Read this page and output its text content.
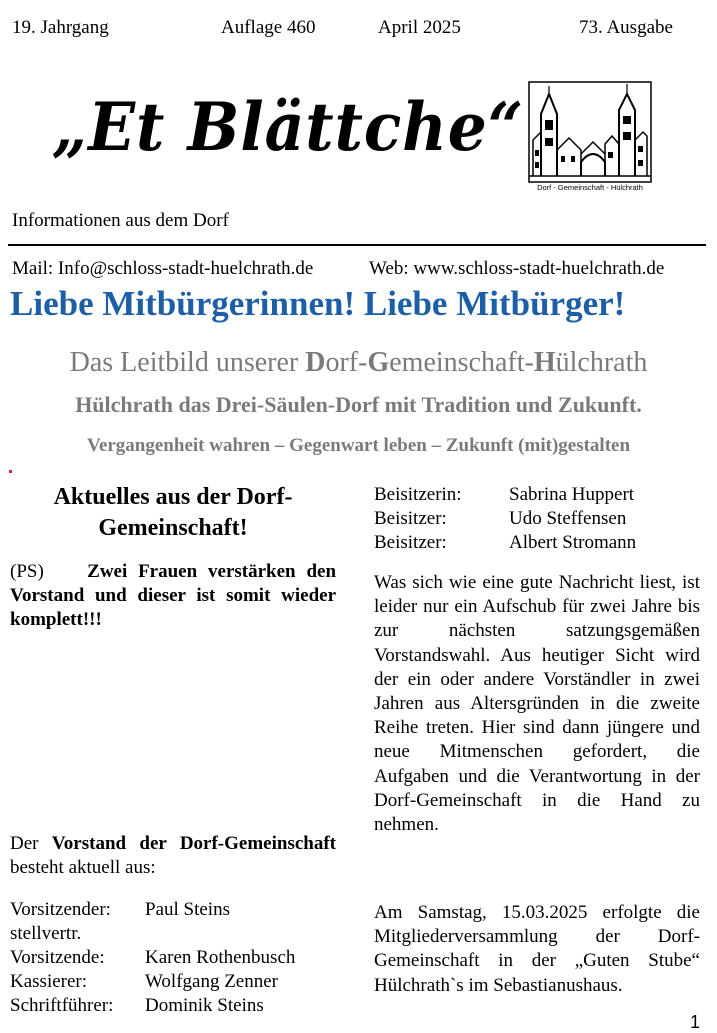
19. Jahrgang	Auflage 460	April 2025	73. Ausgabe
„Et Blättche“
Dorf - Gemeinschaft - Hülchrath
Informationen aus dem Dorf
Mail: Info@schloss-stadt-huelchrath.de	Web: www.schloss-stadt-huelchrath.de
Liebe Mitbürgerinnen! Liebe Mitbürger!
Das Leitbild unserer Dorf-Gemeinschaft-Hülchrath
Hülchrath das Drei-Säulen-Dorf mit Tradition und Zukunft.
Vergangenheit wahren – Gegenwart leben – Zukunft (mit)gestalten
Aktuelles aus der Dorf-Gemeinschaft!
(PS) Zwei Frauen verstärken den Vorstand und dieser ist somit wieder komplett!!!
Der Vorstand der Dorf-Gemeinschaft besteht aktuell aus:
Vorsitzender: Paul Steins
stellvertr.
Vorsitzende: Karen Rothenbusch
Kassierer:	Wolfgang Zenner
Schriftführer: Dominik Steins
Beisitzerin: Sabrina Huppert
Beisitzer:	Udo Steffensen
Beisitzer:	Albert Stromann
Was sich wie eine gute Nachricht liest, ist leider nur ein Aufschub für zwei Jahre bis zur nächsten satzungsgemäßen Vorstandswahl. Aus heutiger Sicht wird der ein oder andere Vorständler in zwei Jahren aus Altersgründen in die zweite Reihe treten. Hier sind dann jüngere und neue Mitmenschen gefordert, die Aufgaben und die Verantwortung in der Dorf-Gemeinschaft in die Hand zu nehmen.
Am Samstag, 15.03.2025 erfolgte die Mitgliederversammlung der Dorf-Gemeinschaft in der „Guten Stube“ Hülchrath`s im Sebastianushaus.
1
